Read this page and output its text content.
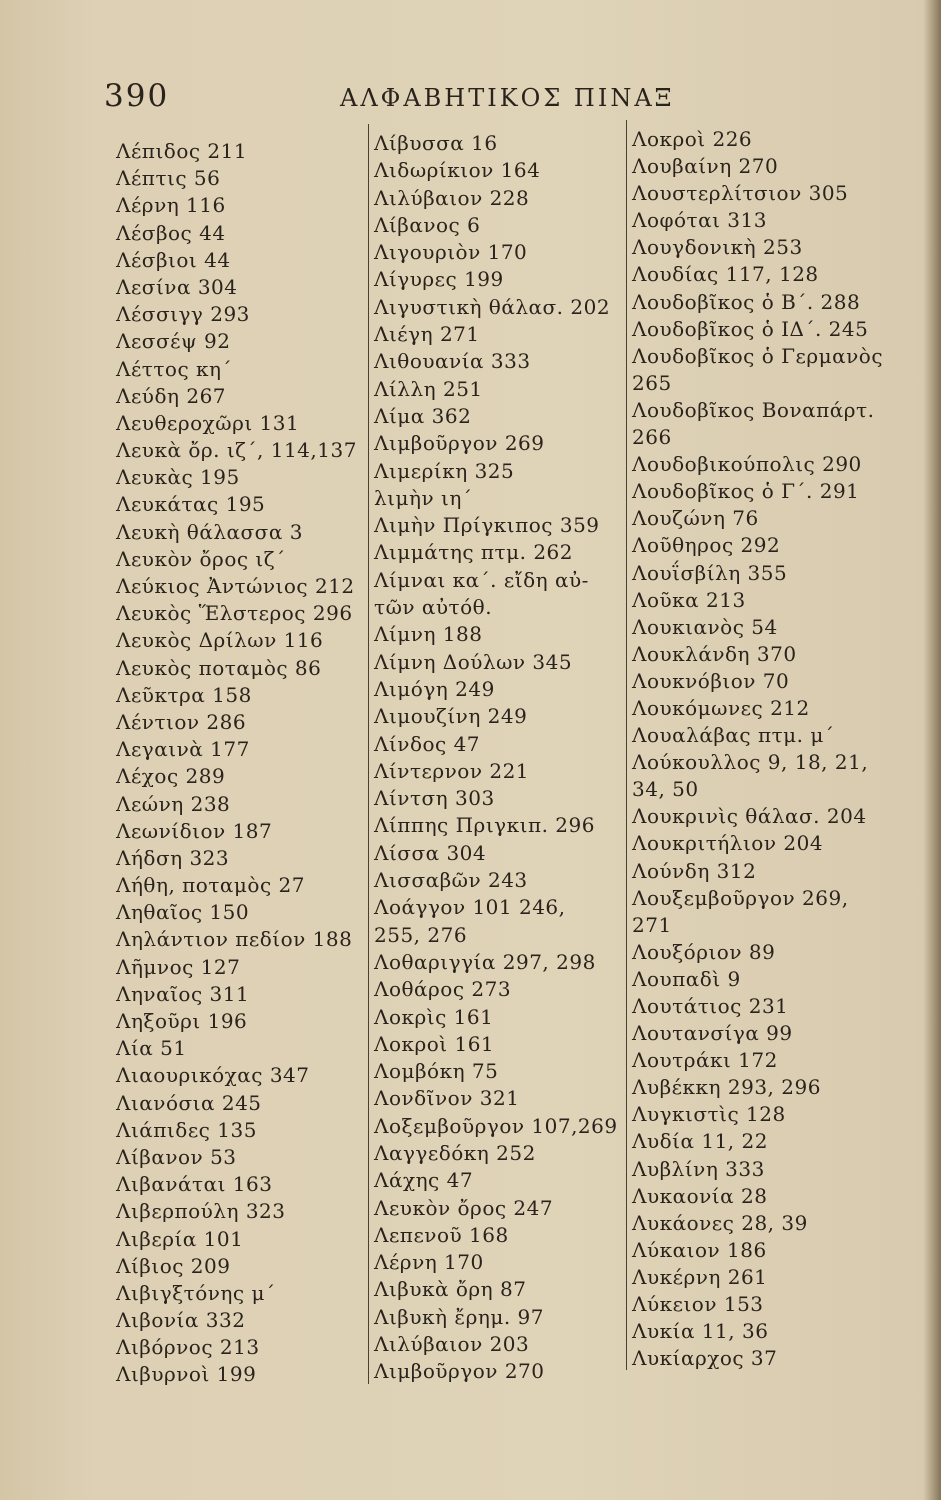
390	ΑΛΦΑΒΗΤΙΚΟΣ ΠΙΝΑΞ
Λέπιδος 211
Λέπτις 56
Λέρνη 116
Λέσβος 44
Λέσβιοι 44
Λεσίνα 304
Λέσσιγγ 293
Λεσσέψ 92
Λέττος κη΄
Λεύδη 267
Λευθεροχῶρι 131
Λευκὰ ὄρ. ιζ΄, 114,137
Λευκὰς 195
Λευκάτας 195
Λευκὴ θάλασσα 3
Λευκὸν ὄρος ιζ΄
Λεύκιος Ἀντώνιος 212
Λευκὸς Ἕλστερος 296
Λευκὸς Δρίλων 116
Λευκὸς ποταμὸς 86
Λεῦκτρα 158
Λέντιον 286
Λεγαινὰ 177
Λέχος 289
Λεώνη 238
Λεωνίδιον 187
Λήδση 323
Λήθη, ποταμὸς 27
Ληθαῖος 150
Ληλάντιον πεδίον 188
Λῆμνος 127
Ληναῖος 311
Ληξοῦρι 196
Λία 51
Λιαουρικόχας 347
Λιανόσια 245
Λιάπιδες 135
Λίβανον 53
Λιβανάται 163
Λιβερπούλη 323
Λιβερία 101
Λίβιος 209
Λιβιγξτόνης μ΄
Λιβονία 332
Λιβόρνος 213
Λιβυρνοὶ 199
Λίβυσσα 16
Λιδωρίκιον 164
Λιλύβαιον 228
Λίβανος 6
Λιγουριὸν 170
Λίγυρες 199
Λιγυστικὴ θάλασ. 202
Λιέγη 271
Λιθουανία 333
Λίλλη 251
Λίμα 362
Λιμβοῦργον 269
Λιμερίκη 325
λιμὴν ιη΄
Λιμὴν Πρίγκιπος 359
Λιμμάτης πτμ. 262
Λίμναι κα΄. εἴδη αὐ-
τῶν αὐτόθ.
Λίμνη 188
Λίμνη Δούλων 345
Λιμόγη 249
Λιμουζίνη 249
Λίνδος 47
Λίντερνον 221
Λίντση 303
Λίππης Πριγκιπ. 296
Λίσσα 304
Λισσαβῶν 243
Λοάγγον 101 246,
255, 276
Λοθαριγγία 297, 298
Λοθάρος 273
Λοκρὶς 161
Λοκροὶ 161
Λομβόκη 75
Λονδῖνον 321
Λοξεμβοῦργον 107,269
Λαγγεδόκη 252
Λάχης 47
Λευκὸν ὄρος 247
Λεπενοῦ 168
Λέρνη 170
Λιβυκὰ ὄρη 87
Λιβυκὴ ἔρημ. 97
Λιλύβαιον 203
Λιμβοῦργον 270
Λοκροὶ 226
Λουβαίνη 270
Λουστερλίτσιον 305
Λοφόται 313
Λουγδονικὴ 253
Λουδίας 117, 128
Λουδοβῖκος ὁ Β΄. 288
Λουδοβῖκος ὁ ΙΔ΄. 245
Λουδοβῖκος ὁ Γερμανὸς
265
Λουδοβῖκος Βοναπάρτ.
266
Λουδοβικούπολις 290
Λουδοβῖκος ὁ Γ΄. 291
Λουζώνη 76
Λοῦθηρος 292
Λουΐσβίλη 355
Λοῦκα 213
Λουκιανὸς 54
Λουκλάνδη 370
Λουκνόβιον 70
Λουκόμωνες 212
Λουαλάβας πτμ. μ΄
Λούκουλλος 9, 18, 21,
34, 50
Λουκρινὶς θάλασ. 204
Λουκριτήλιον 204
Λούνδη 312
Λουξεμβοῦργον 269,
271
Λουξόριον 89
Λουπαδὶ 9
Λουτάτιος 231
Λουτανσίγα 99
Λουτράκι 172
Λυβέκκη 293, 296
Λυγκιστὶς 128
Λυδία 11, 22
Λυβλίνη 333
Λυκαονία 28
Λυκάονες 28, 39
Λύκαιον 186
Λυκέρνη 261
Λύκειον 153
Λυκία 11, 36
Λυκίαρχος 37
